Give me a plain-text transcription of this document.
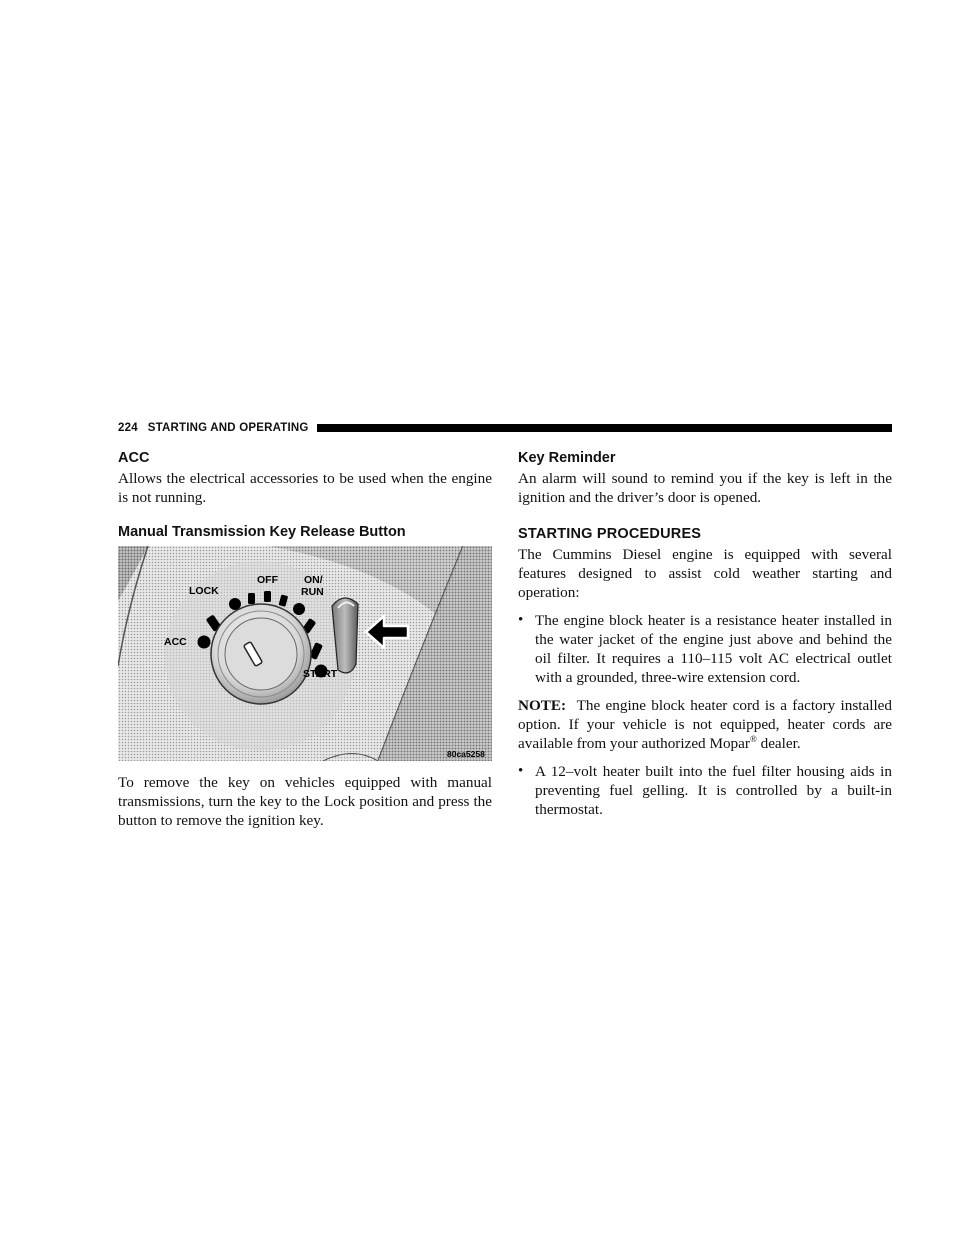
224 STARTING AND OPERATING
ACC

Allows the electrical accessories to be used when the engine is not running.

Manual Transmission Key Release Button
LOCK
OFF ON/
RUN
ACC
START
80ca5258

To remove the key on vehicles equipped with manual transmissions, turn the key to the Lock position and press the button to remove the ignition key.

Key Reminder

An alarm will sound to remind you if the key is left in the ignition and the driver’s door is opened.

STARTING PROCEDURES

The Cummins Diesel engine is equipped with several features designed to assist cold weather starting and operation:

• The engine block heater is a resistance heater installed in the water jacket of the engine just above and behind the oil filter. It requires a 110–115 volt AC electrical outlet with a grounded, three-wire extension cord.

NOTE: The engine block heater cord is a factory installed option. If your vehicle is not equipped, heater cords are available from your authorized Mopar® dealer.

• A 12–volt heater built into the fuel filter housing aids in preventing fuel gelling. It is controlled by a built-in thermostat.
